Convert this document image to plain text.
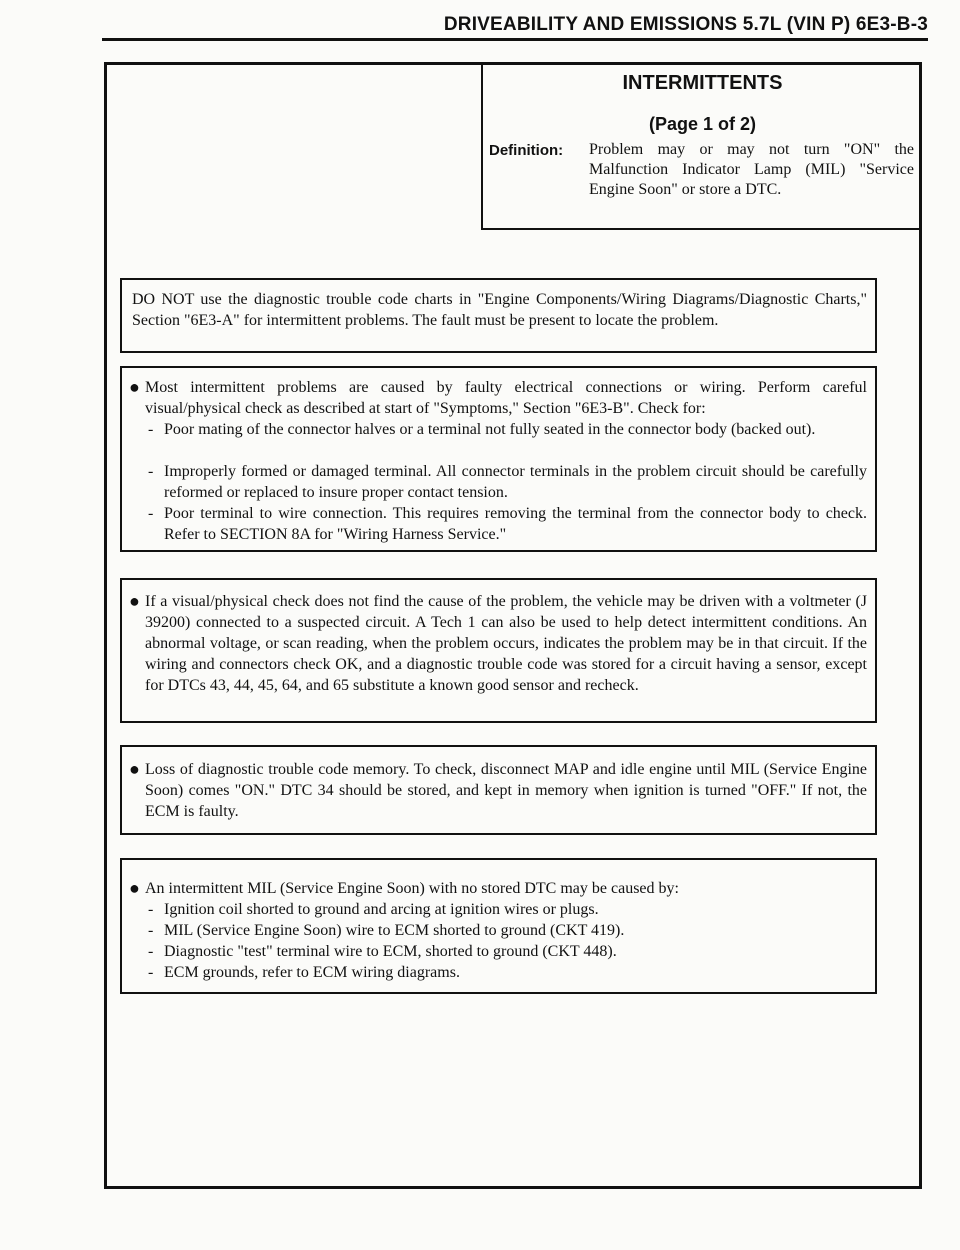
DRIVEABILITY AND EMISSIONS 5.7L (VIN P) 6E3-B-3
INTERMITTENTS
(Page 1 of 2)
Definition: Problem may or may not turn "ON" the Malfunction Indicator Lamp (MIL) "Service Engine Soon" or store a DTC.
DO NOT use the diagnostic trouble code charts in "Engine Components/Wiring Diagrams/Diagnostic Charts," Section "6E3-A" for intermittent problems. The fault must be present to locate the problem.
● Most intermittent problems are caused by faulty electrical connections or wiring. Perform careful visual/physical check as described at start of "Symptoms," Section "6E3-B". Check for:
- Poor mating of the connector halves or a terminal not fully seated in the connector body (backed out).
- Improperly formed or damaged terminal. All connector terminals in the problem circuit should be carefully reformed or replaced to insure proper contact tension.
- Poor terminal to wire connection. This requires removing the terminal from the connector body to check. Refer to SECTION 8A for "Wiring Harness Service."
● If a visual/physical check does not find the cause of the problem, the vehicle may be driven with a voltmeter (J 39200) connected to a suspected circuit. A Tech 1 can also be used to help detect intermittent conditions. An abnormal voltage, or scan reading, when the problem occurs, indicates the problem may be in that circuit. If the wiring and connectors check OK, and a diagnostic trouble code was stored for a circuit having a sensor, except for DTCs 43, 44, 45, 64, and 65 substitute a known good sensor and recheck.
● Loss of diagnostic trouble code memory. To check, disconnect MAP and idle engine until MIL (Service Engine Soon) comes "ON." DTC 34 should be stored, and kept in memory when ignition is turned "OFF." If not, the ECM is faulty.
● An intermittent MIL (Service Engine Soon) with no stored DTC may be caused by:
- Ignition coil shorted to ground and arcing at ignition wires or plugs.
- MIL (Service Engine Soon) wire to ECM shorted to ground (CKT 419).
- Diagnostic "test" terminal wire to ECM, shorted to ground (CKT 448).
- ECM grounds, refer to ECM wiring diagrams.
